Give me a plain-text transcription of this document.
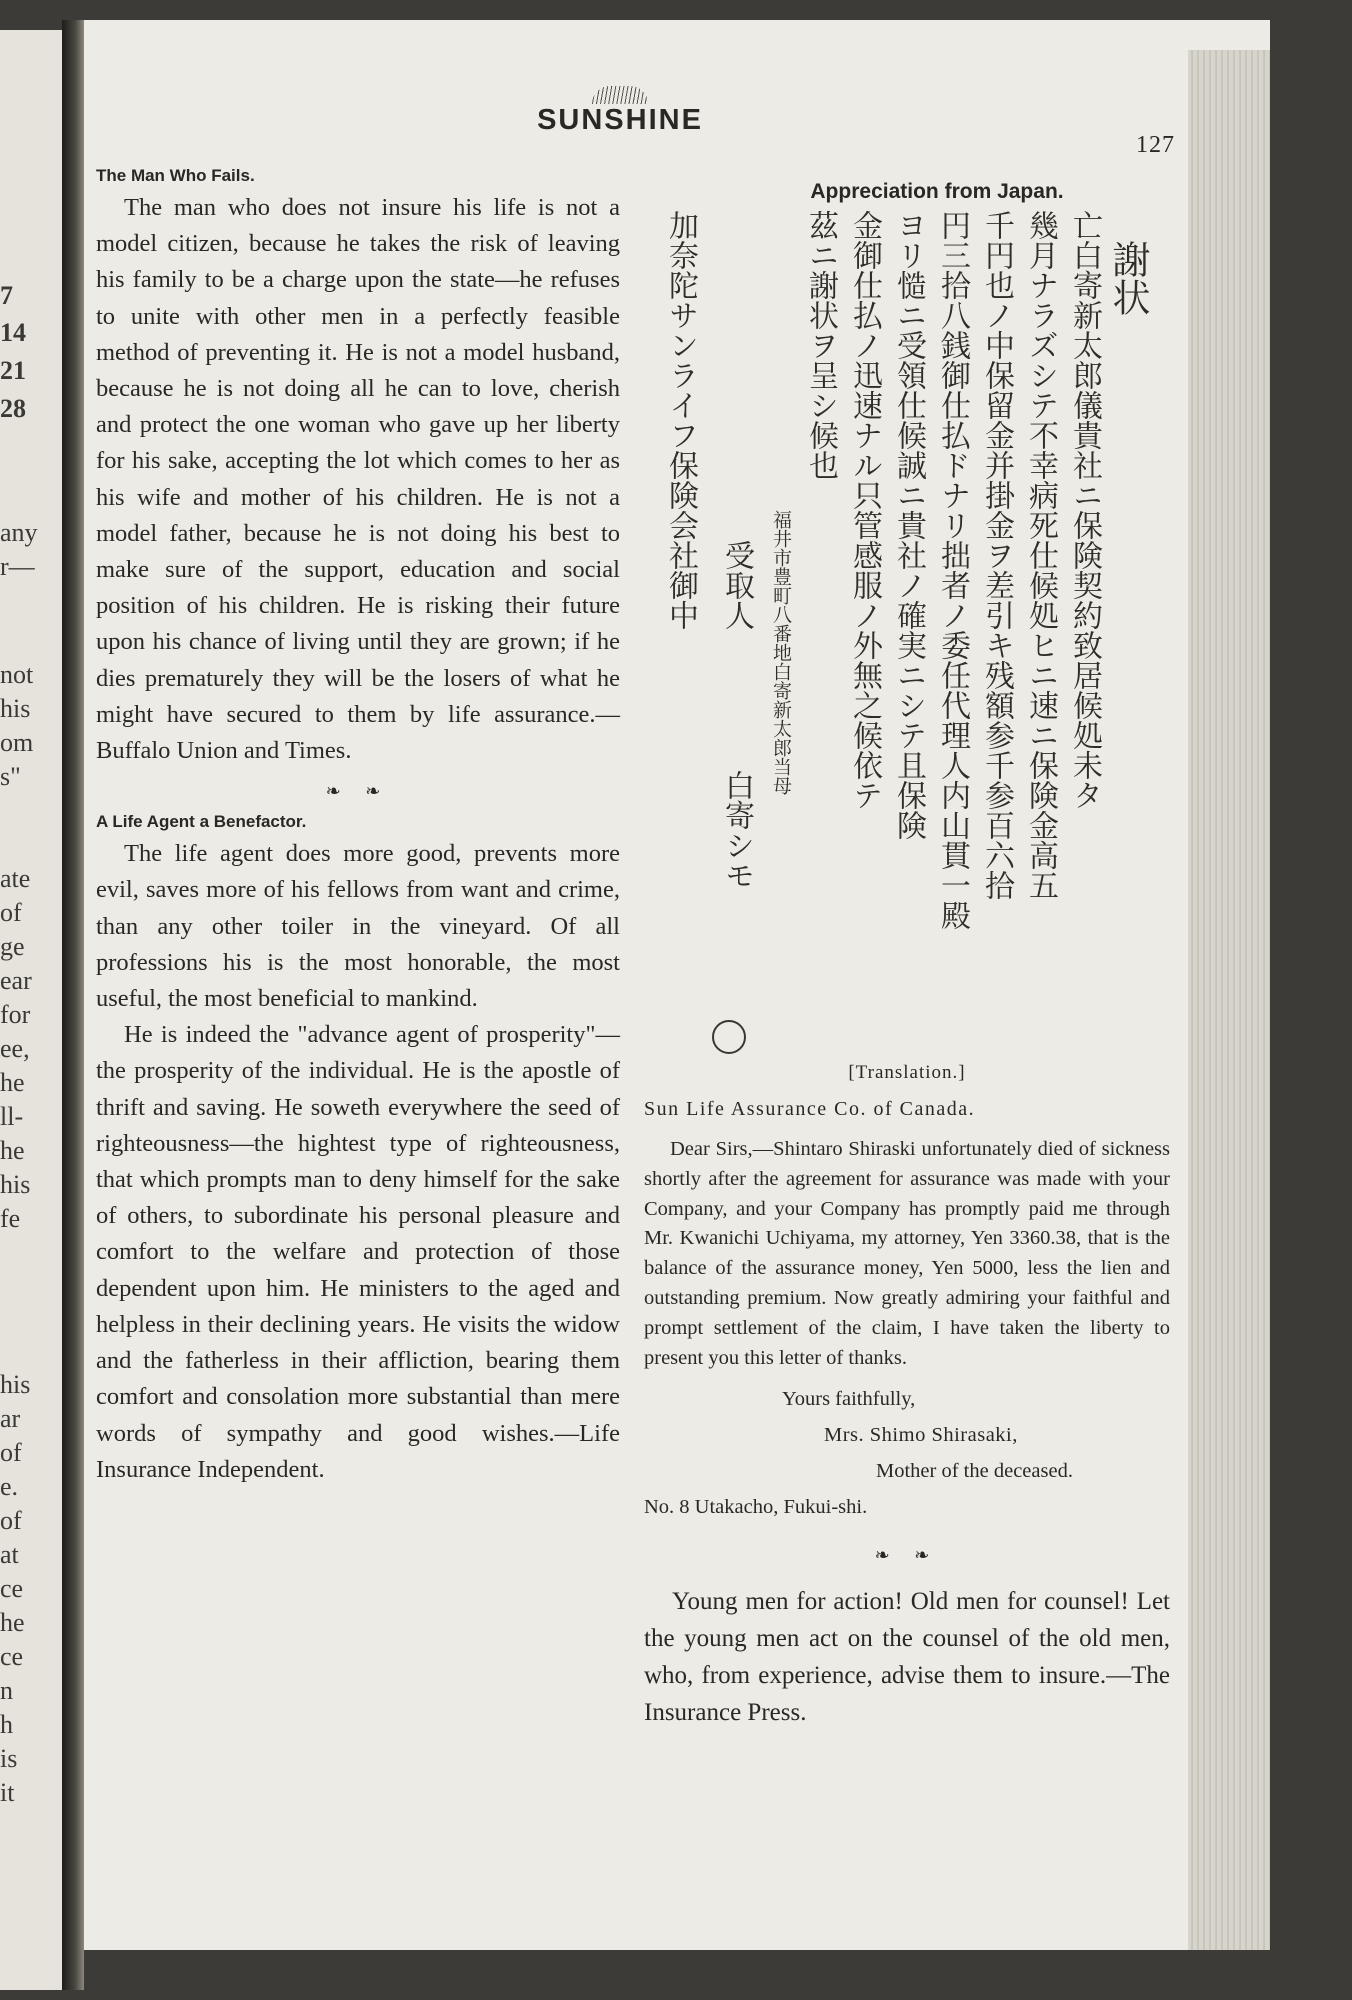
7
14
21
28
any
r—
not
his
om
s"
ate
of
ge
ear
for
ee,
he
ll-
he
his
fe
his
ar
of
e.
of
at
ce
he
ce
n
h
is
it
SUNSHINE
127
The Man Who Fails.

The man who does not insure his life is not a model citizen, because he takes the risk of leaving his family to be a charge upon the state—he refuses to unite with other men in a perfectly feasible method of preventing it. He is not a model husband, because he is not doing all he can to love, cherish and protect the one woman who gave up her liberty for his sake, accepting the lot which comes to her as his wife and mother of his children. He is not a model father, because he is not doing his best to make sure of the support, education and social position of his children. He is risking their future upon his chance of living until they are grown; if he dies prematurely they will be the losers of what he might have secured to them by life assurance.—Buffalo Union and Times.

❧ ❧
A Life Agent a Benefactor.

The life agent does more good, prevents more evil, saves more of his fellows from want and crime, than any other toiler in the vineyard. Of all professions his is the most honorable, the most useful, the most beneficial to mankind.

He is indeed the "advance agent of prosperity"—the prosperity of the individual. He is the apostle of thrift and saving. He soweth everywhere the seed of righteousness—the hightest type of righteousness, that which prompts man to deny himself for the sake of others, to subordinate his personal pleasure and comfort to the welfare and protection of those dependent upon him. He ministers to the aged and helpless in their declining years. He visits the widow and the fatherless in their affliction, bearing them comfort and consolation more substantial than mere words of sympathy and good wishes.—Life Insurance Independent.

Appreciation from Japan.
謝状
亡白寄新太郎儀貴社ニ保険契約致居候処未タ
幾月ナラズシテ不幸病死仕候処ヒニ速ニ保険金高五
千円也ノ中保留金并掛金ヲ差引キ残額参千参百六拾
円三拾八銭御仕払ドナリ拙者ノ委任代理人内山貫一殿
ヨリ慥ニ受領仕候誠ニ貴社ノ確実ニシテ且保険
金御仕払ノ迅速ナル只管感服ノ外無之候依テ
茲ニ謝状ヲ呈シ候也
福井市豊町八番地白寄新太郎当母
受取人
白寄シモ
加奈陀サンライフ保険会社御中
[Translation.]
Sun Life Assurance Co. of Canada.

Dear Sirs,—Shintaro Shiraski unfortunately died of sickness shortly after the agreement for assurance was made with your Company, and your Company has promptly paid me through Mr. Kwanichi Uchiyama, my attorney, Yen 3360.38, that is the balance of the assurance money, Yen 5000, less the lien and outstanding premium. Now greatly admiring your faithful and prompt settlement of the claim, I have taken the liberty to present you this letter of thanks.

Yours faithfully,

Mrs. Shimo Shirasaki,

Mother of the deceased.

No. 8 Utakacho, Fukui-shi.

❧ ❧

Young men for action! Old men for counsel! Let the young men act on the counsel of the old men, who, from experience, advise them to insure.—The Insurance Press.
